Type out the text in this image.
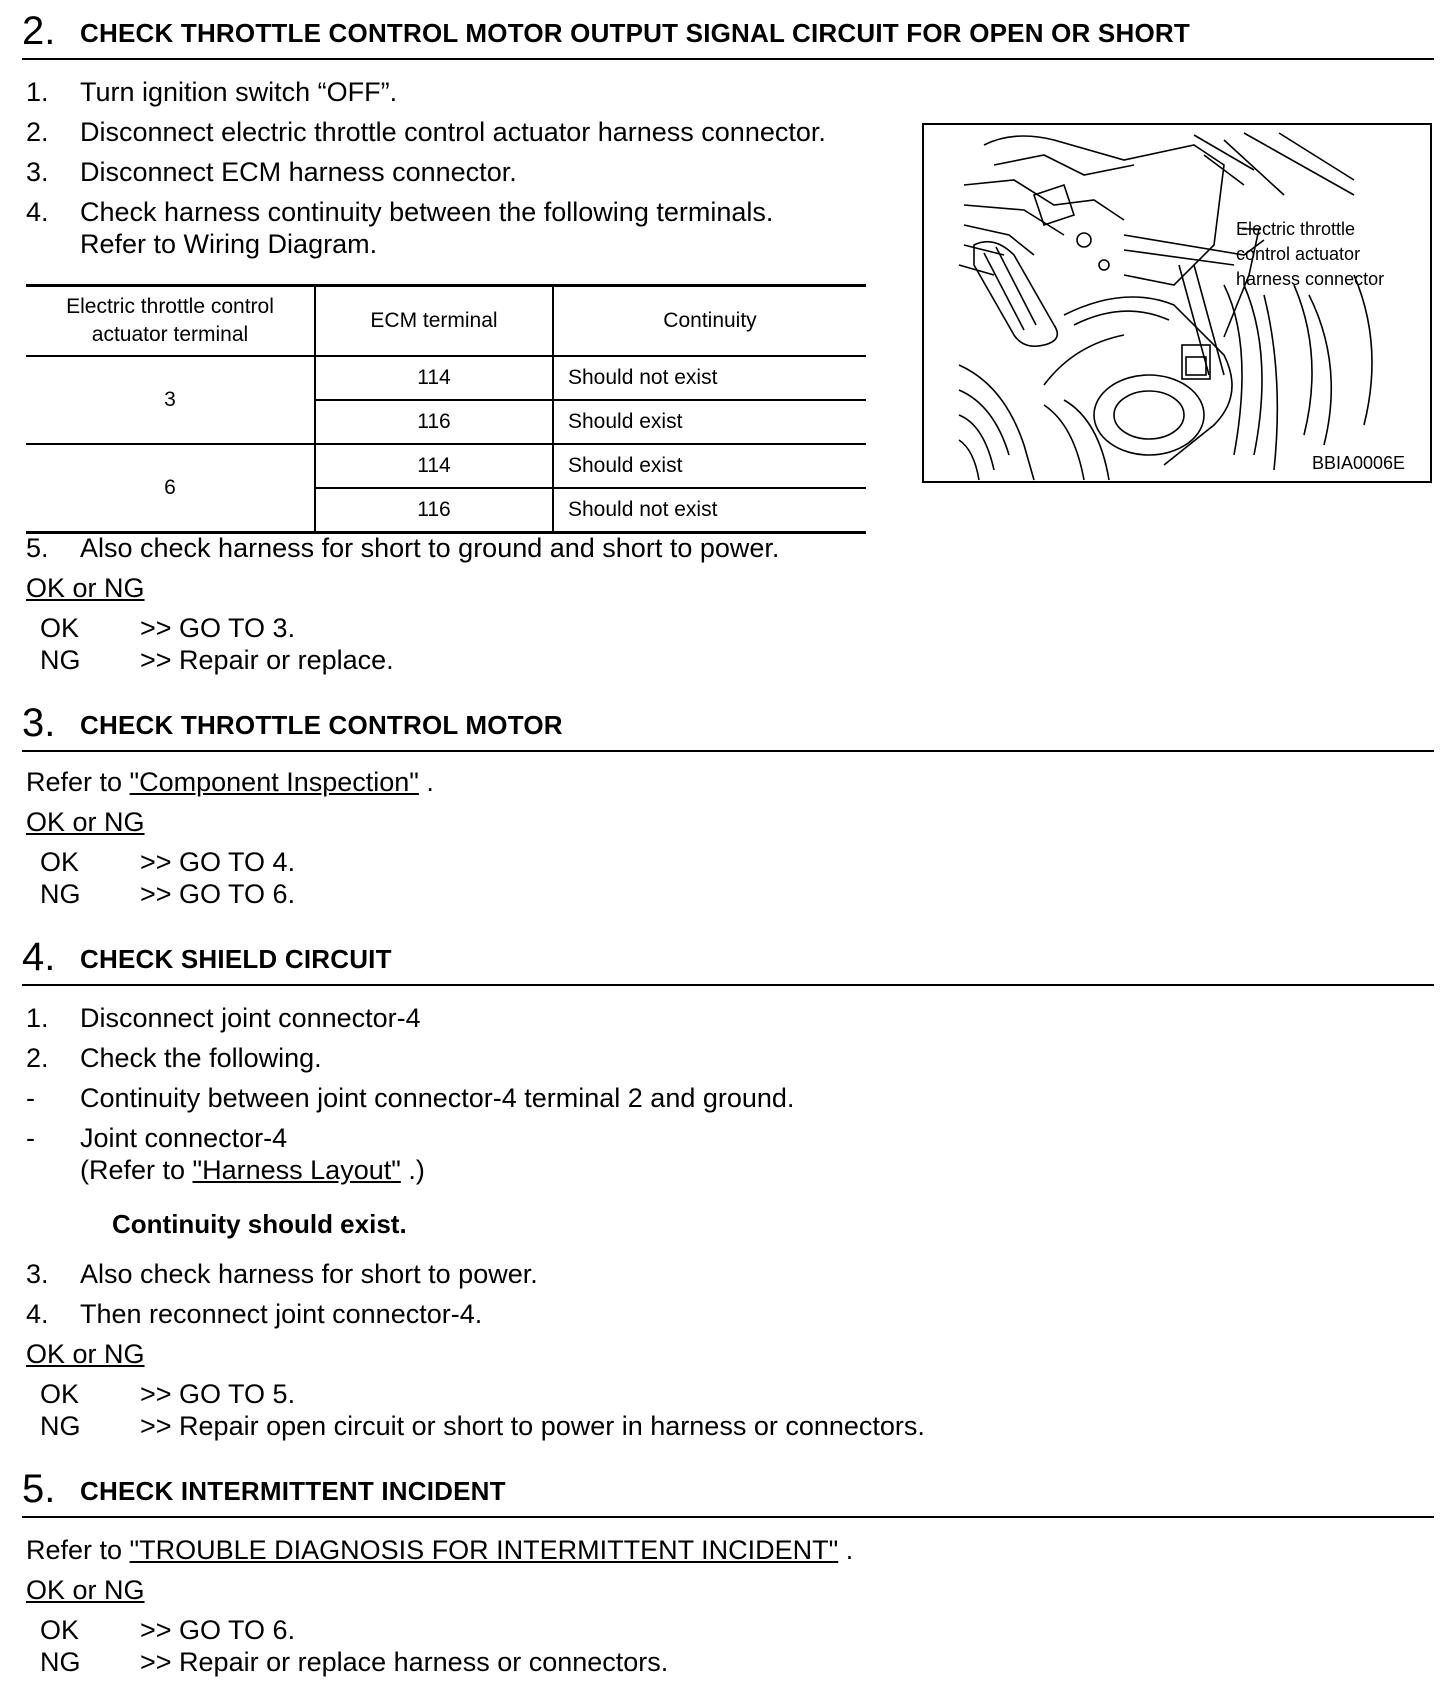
2. CHECK THROTTLE CONTROL MOTOR OUTPUT SIGNAL CIRCUIT FOR OPEN OR SHORT
1. Turn ignition switch “OFF”.
2. Disconnect electric throttle control actuator harness connector.
3. Disconnect ECM harness connector.
4. Check harness continuity between the following terminals.
Refer to Wiring Diagram.
Electric throttle control
actuator terminal	ECM terminal	Continuity
3	114	Should not exist
	116	Should exist
6	114	Should exist
	116	Should not exist
5. Also check harness for short to ground and short to power.
OK or NG
OK >> GO TO 3.
NG >> Repair or replace.
Electric throttle
control actuator
harness connector
BBIA0006E
3. CHECK THROTTLE CONTROL MOTOR
Refer to "Component Inspection" .
OK or NG
OK >> GO TO 4.
NG >> GO TO 6.
4. CHECK SHIELD CIRCUIT
1. Disconnect joint connector-4
2. Check the following.
- Continuity between joint connector-4 terminal 2 and ground.
- Joint connector-4
(Refer to "Harness Layout" .)
Continuity should exist.
3. Also check harness for short to power.
4. Then reconnect joint connector-4.
OK or NG
OK >> GO TO 5.
NG >> Repair open circuit or short to power in harness or connectors.
5. CHECK INTERMITTENT INCIDENT
Refer to "TROUBLE DIAGNOSIS FOR INTERMITTENT INCIDENT" .
OK or NG
OK >> GO TO 6.
NG >> Repair or replace harness or connectors.
